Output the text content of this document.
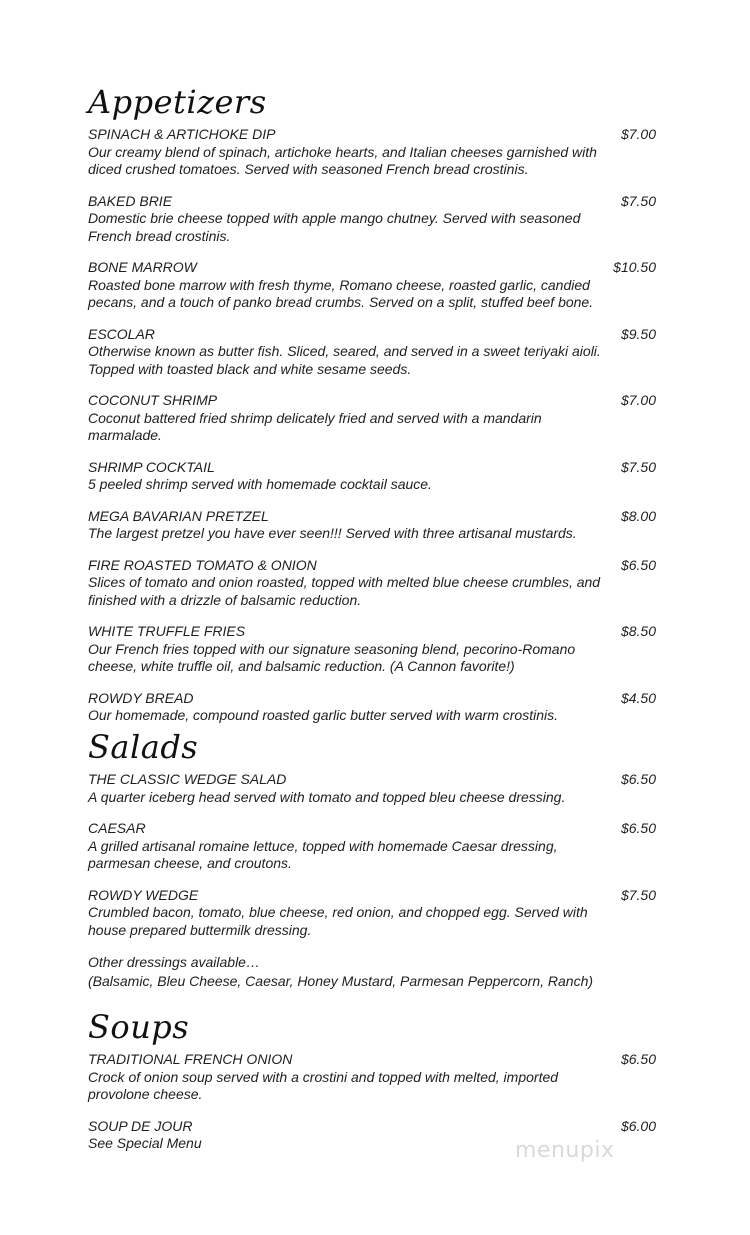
Appetizers
SPINACH & ARTICHOKE DIP	$7.00
Our creamy blend of spinach, artichoke hearts, and Italian cheeses garnished with diced crushed tomatoes. Served with seasoned French bread crostinis.
BAKED BRIE	$7.50
Domestic brie cheese topped with apple mango chutney. Served with seasoned French bread crostinis.
BONE MARROW	$10.50
Roasted bone marrow with fresh thyme, Romano cheese, roasted garlic, candied pecans, and a touch of panko bread crumbs. Served on a split, stuffed beef bone.
ESCOLAR	$9.50
Otherwise known as butter fish. Sliced, seared, and served in a sweet teriyaki aioli. Topped with toasted black and white sesame seeds.
COCONUT SHRIMP	$7.00
Coconut battered fried shrimp delicately fried and served with a mandarin marmalade.
SHRIMP COCKTAIL	$7.50
5 peeled shrimp served with homemade cocktail sauce.
MEGA BAVARIAN PRETZEL	$8.00
The largest pretzel you have ever seen!!! Served with three artisanal mustards.
FIRE ROASTED TOMATO & ONION	$6.50
Slices of tomato and onion roasted, topped with melted blue cheese crumbles, and finished with a drizzle of balsamic reduction.
WHITE TRUFFLE FRIES	$8.50
Our French fries topped with our signature seasoning blend, pecorino-Romano cheese, white truffle oil, and balsamic reduction. (A Cannon favorite!)
ROWDY BREAD	$4.50
Our homemade, compound roasted garlic butter served with warm crostinis.
Salads
THE CLASSIC WEDGE SALAD	$6.50
A quarter iceberg head served with tomato and topped bleu cheese dressing.
CAESAR	$6.50
A grilled artisanal romaine lettuce, topped with homemade Caesar dressing, parmesan cheese, and croutons.
ROWDY WEDGE	$7.50
Crumbled bacon, tomato, blue cheese, red onion, and chopped egg. Served with house prepared buttermilk dressing.
Other dressings available…
(Balsamic, Bleu Cheese, Caesar, Honey Mustard, Parmesan Peppercorn, Ranch)
Soups
TRADITIONAL FRENCH ONION	$6.50
Crock of onion soup served with a crostini and topped with melted, imported provolone cheese.
SOUP DE JOUR	$6.00
See Special Menu	menupix
